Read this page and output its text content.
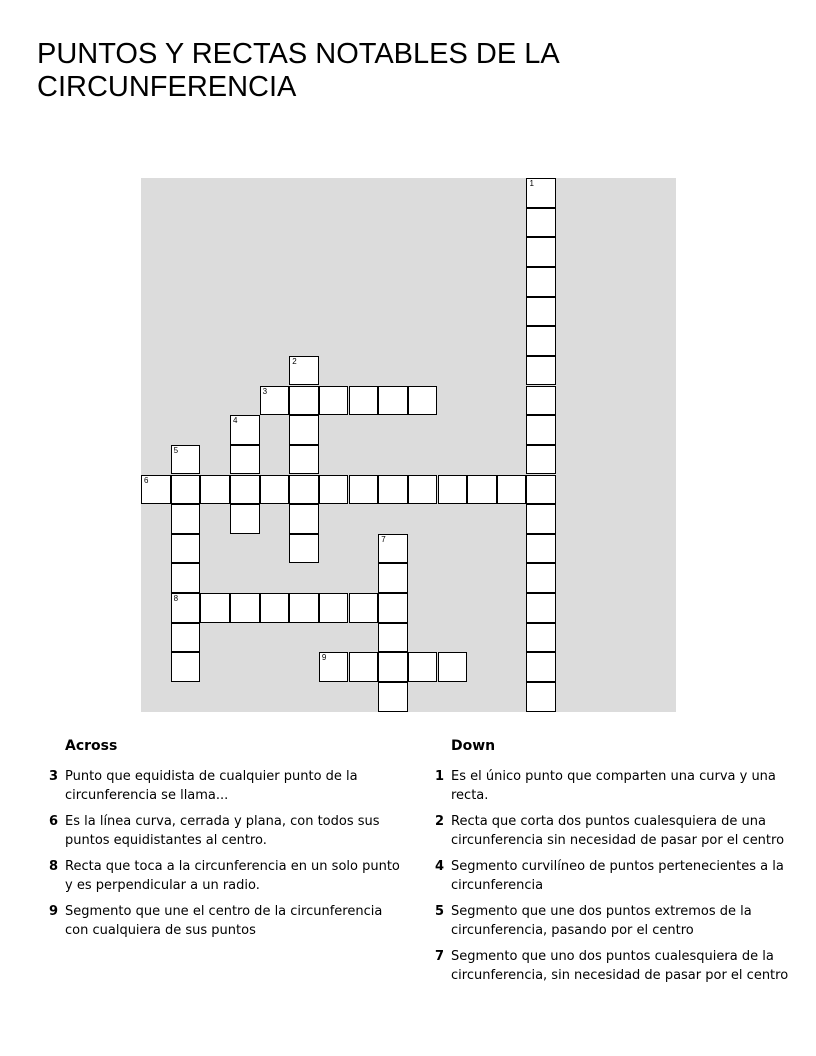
PUNTOS Y RECTAS NOTABLES DE LA CIRCUNFERENCIA
1
2
3
4
5
6
7
8
9
Across
3 Punto que equidista de cualquier punto de la circunferencia se llama...
6 Es la línea curva, cerrada y plana, con todos sus puntos equidistantes al centro.
8 Recta que toca a la circunferencia en un solo punto y es perpendicular a un radio.
9 Segmento que une el centro de la circunferencia con cualquiera de sus puntos
Down
1 Es el único punto que comparten una curva y una recta.
2 Recta que corta dos puntos cualesquiera de una circunferencia sin necesidad de pasar por el centro
4 Segmento curvilíneo de puntos pertenecientes a la circunferencia
5 Segmento que une dos puntos extremos de la circunferencia, pasando por el centro
7 Segmento que uno dos puntos cualesquiera de la circunferencia, sin necesidad de pasar por el centro
